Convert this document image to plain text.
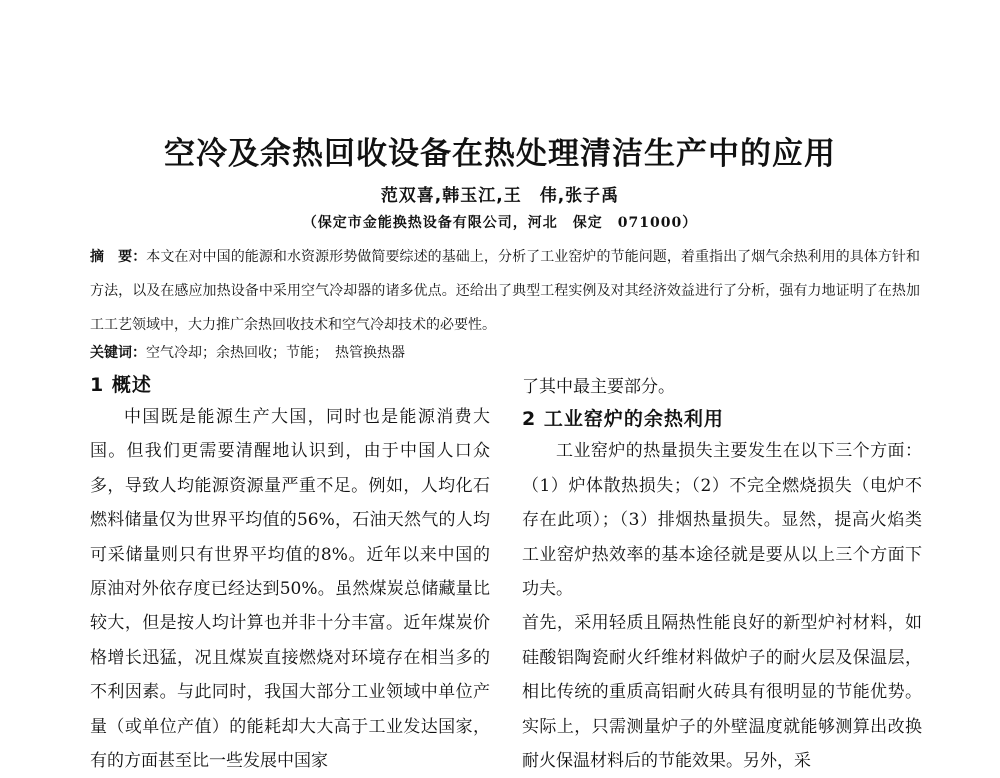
空冷及余热回收设备在热处理清洁生产中的应用
范双喜,韩玉江,王　伟,张子禹
（保定市金能换热设备有限公司，河北　保定　071000）

摘　要：本文在对中国的能源和水资源形势做简要综述的基础上，分析了工业窑炉的节能问题，着重指出了烟气余热利用的具体方针和方法，以及在感应加热设备中采用空气冷却器的诸多优点。还给出了典型工程实例及对其经济效益进行了分析，强有力地证明了在热加工工艺领域中，大力推广余热回收技术和空气冷却技术的必要性。

关键词：空气冷却；余热回收；节能；　热管换热器

1 概述

中国既是能源生产大国，同时也是能源消费大国。但我们更需要清醒地认识到，由于中国人口众多，导致人均能源资源量严重不足。例如，人均化石燃料储量仅为世界平均值的56%，石油天然气的人均可采储量则只有世界平均值的8%。近年以来中国的原油对外依存度已经达到50%。虽然煤炭总储藏量比较大，但是按人均计算也并非十分丰富。近年煤炭价格增长迅猛，况且煤炭直接燃烧对环境存在相当多的不利因素。与此同时，我国大部分工业领域中单位产量（或单位产值）的能耗却大大高于工业发达国家，有的方面甚至比一些发展中国家

了其中最主要部分。

2 工业窑炉的余热利用

工业窑炉的热量损失主要发生在以下三个方面：（1）炉体散热损失；（2）不完全燃烧损失（电炉不存在此项）；（3）排烟热量损失。显然，提高火焰类工业窑炉热效率的基本途径就是要从以上三个方面下功夫。

首先，采用轻质且隔热性能良好的新型炉衬材料，如硅酸铝陶瓷耐火纤维材料做炉子的耐火层及保温层，相比传统的重质高铝耐火砖具有很明显的节能优势。实际上，只需测量炉子的外壁温度就能够测算出改换耐火保温材料后的节能效果。另外，采
